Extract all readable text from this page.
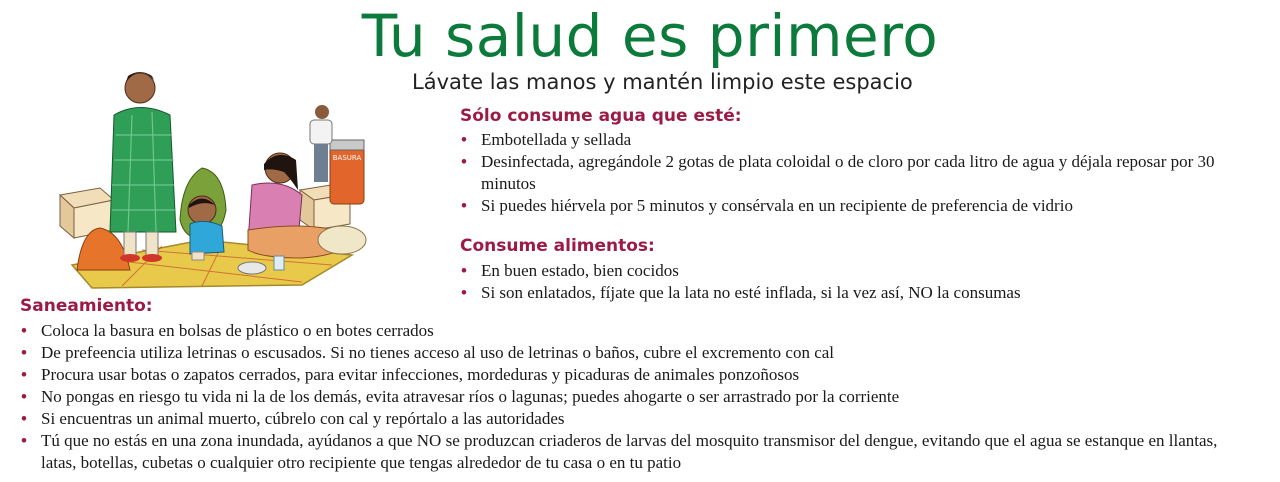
Tu salud es primero
Lávate las manos y mantén limpio este espacio
BASURA
Sólo consume agua que esté:
• Embotellada y sellada
• Desinfectada, agregándole 2 gotas de plata coloidal o de cloro por cada litro de agua y déjala reposar por 30 minutos
• Si puedes hiérvela por 5 minutos y consérvala en un recipiente de preferencia de vidrio
Consume alimentos:
• En buen estado, bien cocidos
• Si son enlatados, fíjate que la lata no esté inflada, si la vez así, NO la consumas
Saneamiento:
• Coloca la basura en bolsas de plástico o en botes cerrados
• De prefeencia utiliza letrinas o escusados. Si no tienes acceso al uso de letrinas o baños, cubre el excremento con cal
• Procura usar botas o zapatos cerrados, para evitar infecciones, mordeduras y picaduras de animales ponzoñosos
• No pongas en riesgo tu vida ni la de los demás, evita atravesar ríos o lagunas; puedes ahogarte o ser arrastrado por la corriente
• Si encuentras un animal muerto, cúbrelo con cal y repórtalo a las autoridades
• Tú que no estás en una zona inundada, ayúdanos a que NO se produzcan criaderos de larvas del mosquito transmisor del dengue, evitando que el agua se estanque en llantas, latas, botellas, cubetas o cualquier otro recipiente que tengas alrededor de tu casa o en tu patio
